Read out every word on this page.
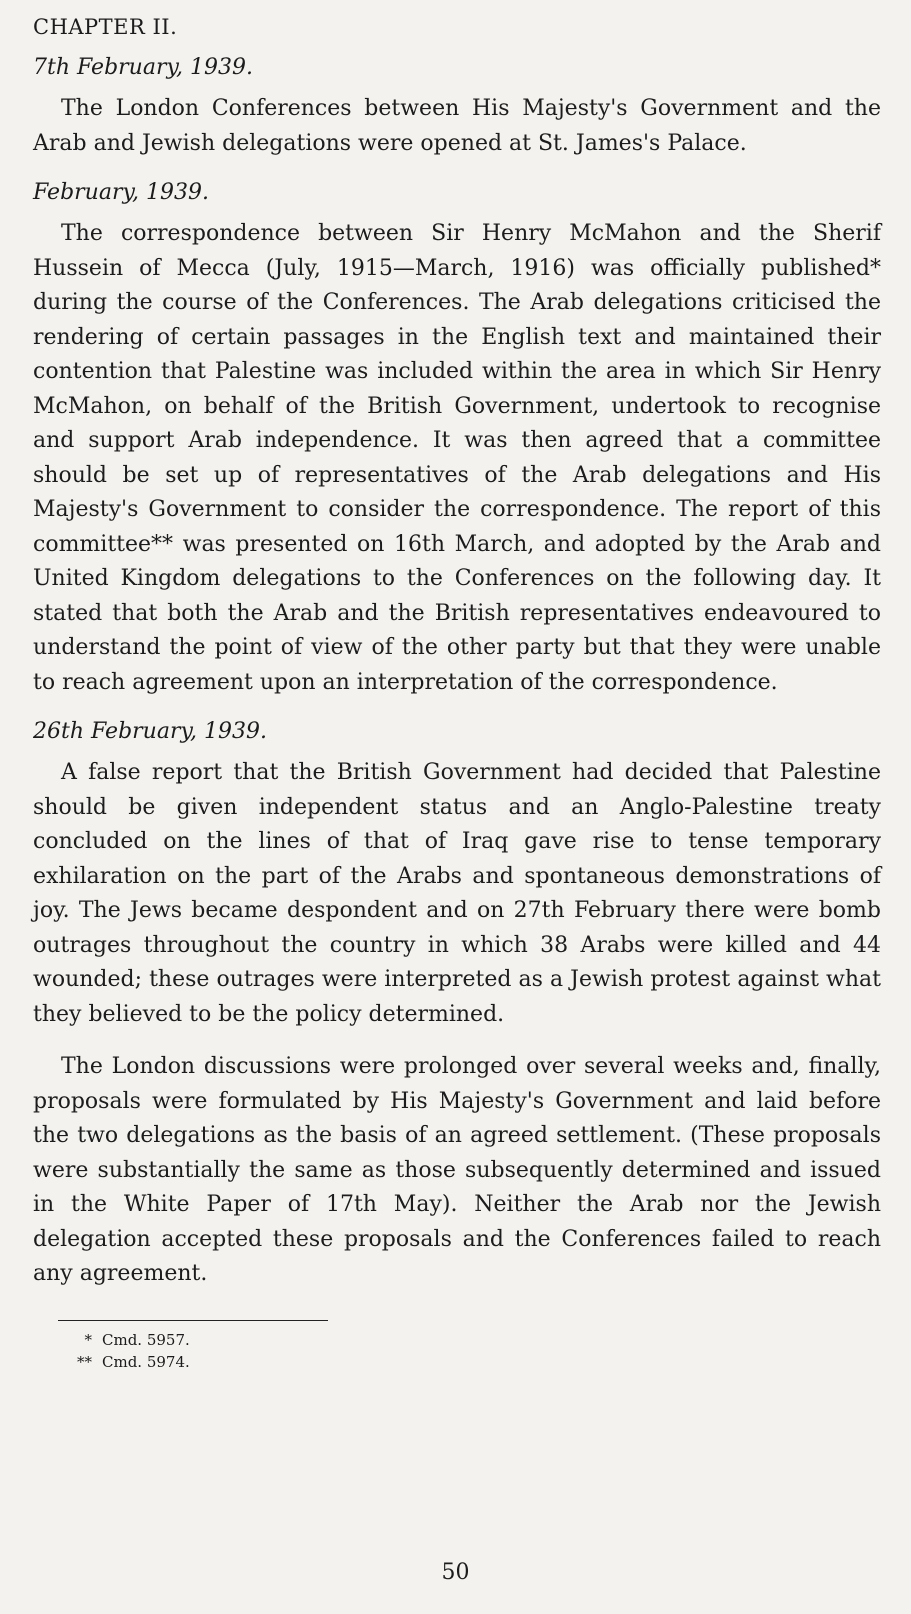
CHAPTER II.
7th February, 1939.

The London Conferences between His Majesty's Government and the Arab and Jewish delegations were opened at St. James's Palace.

February, 1939.

The correspondence between Sir Henry McMahon and the Sherif Hussein of Mecca (July, 1915—March, 1916) was officially published* during the course of the Conferences. The Arab delegations criticised the rendering of certain passages in the English text and maintained their contention that Palestine was included within the area in which Sir Henry McMahon, on behalf of the British Government, undertook to recognise and support Arab independence. It was then agreed that a committee should be set up of representatives of the Arab delegations and His Majesty's Government to consider the correspondence. The report of this committee** was presented on 16th March, and adopted by the Arab and United Kingdom delegations to the Conferences on the following day. It stated that both the Arab and the British representatives endeavoured to understand the point of view of the other party but that they were unable to reach agreement upon an interpretation of the correspondence.

26th February, 1939.

A false report that the British Government had decided that Palestine should be given independent status and an Anglo-Palestine treaty concluded on the lines of that of Iraq gave rise to tense temporary exhilaration on the part of the Arabs and spontaneous demonstrations of joy. The Jews became despondent and on 27th February there were bomb outrages throughout the country in which 38 Arabs were killed and 44 wounded; these outrages were interpreted as a Jewish protest against what they believed to be the policy determined.

The London discussions were prolonged over several weeks and, finally, proposals were formulated by His Majesty's Government and laid before the two delegations as the basis of an agreed settlement. (These proposals were substantially the same as those subsequently determined and issued in the White Paper of 17th May). Neither the Arab nor the Jewish delegation accepted these proposals and the Conferences failed to reach any agreement.

* Cmd. 5957.
** Cmd. 5974.
50
